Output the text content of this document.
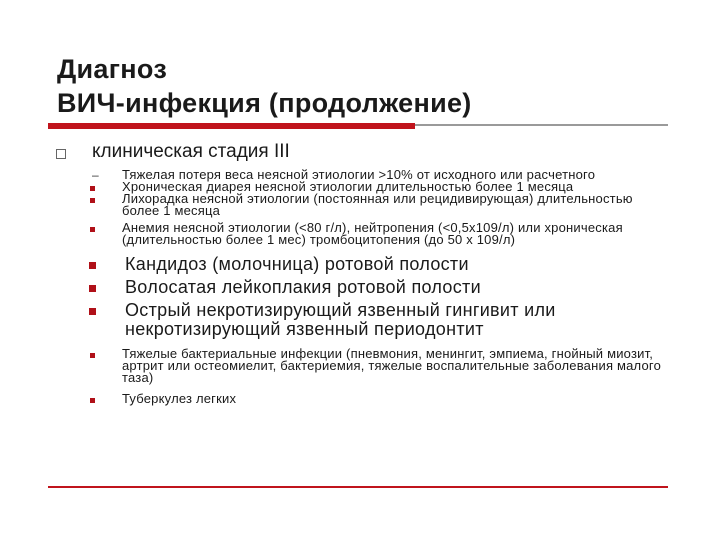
Диагноз
ВИЧ-инфекция (продолжение)
клиническая стадия III
– Тяжелая потеря веса неясной этиологии >10% от исходного или расчетного
Хроническая диарея неясной этиологии длительностью более 1 месяца
Лихорадка неясной этиологии (постоянная или рецидивирующая) длительностью более 1 месяца
Анемия неясной этиологии (<80 г/л), нейтропения (<0,5х109/л) или хроническая (длительностью более 1 мес) тромбоцитопения (до 50 х 109/л)
Кандидоз (молочница) ротовой полости
Волосатая лейкоплакия ротовой полости
Острый некротизирующий язвенный гингивит или некротизирующий язвенный периодонтит
Тяжелые бактериальные инфекции (пневмония, менингит, эмпиема, гнойный миозит, артрит или остеомиелит, бактериемия, тяжелые воспалительные заболевания малого таза)
Туберкулез легких
